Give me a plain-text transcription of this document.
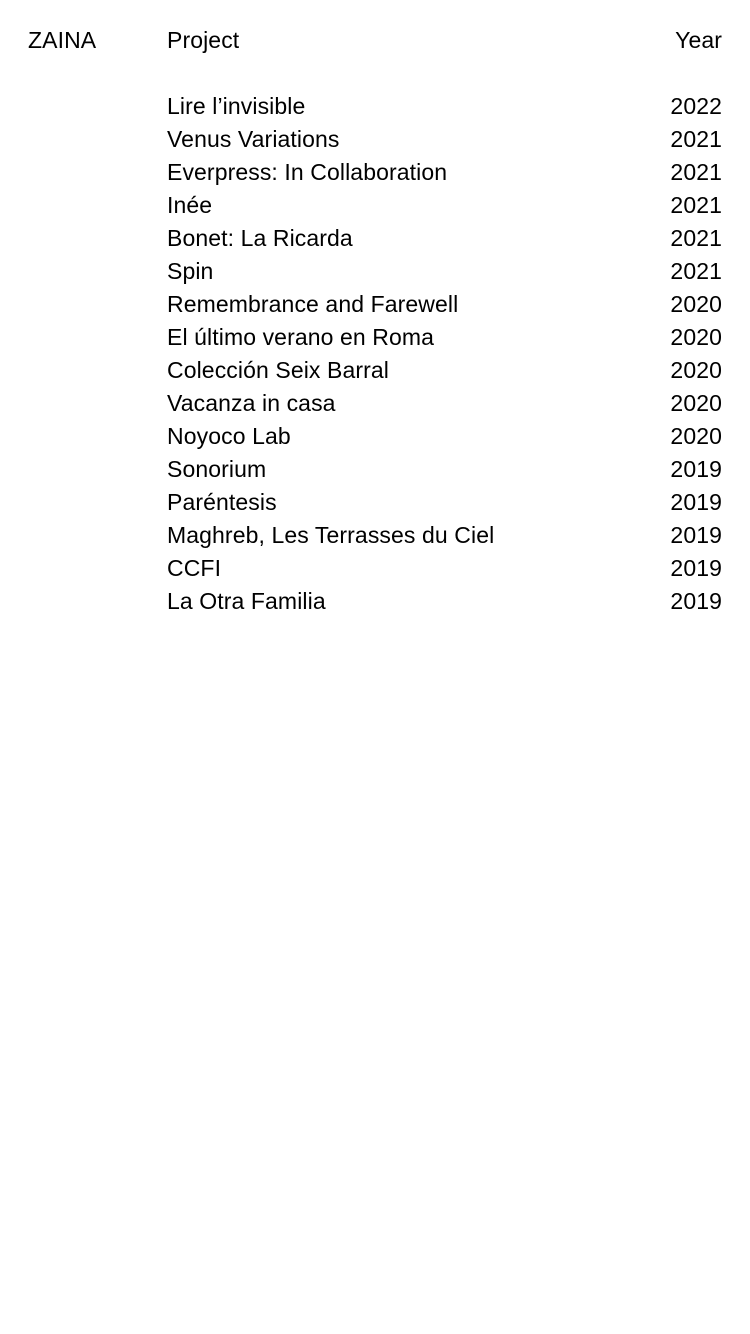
ZAINA	Project	Year
Lire l’invisible	2022
Venus Variations	2021
Everpress: In Collaboration	2021
Inée	2021
Bonet: La Ricarda	2021
Spin	2021
Remembrance and Farewell	2020
El último verano en Roma	2020
Colección Seix Barral	2020
Vacanza in casa	2020
Noyoco Lab	2020
Sonorium	2019
Paréntesis	2019
Maghreb, Les Terrasses du Ciel	2019
CCFI	2019
La Otra Familia	2019
